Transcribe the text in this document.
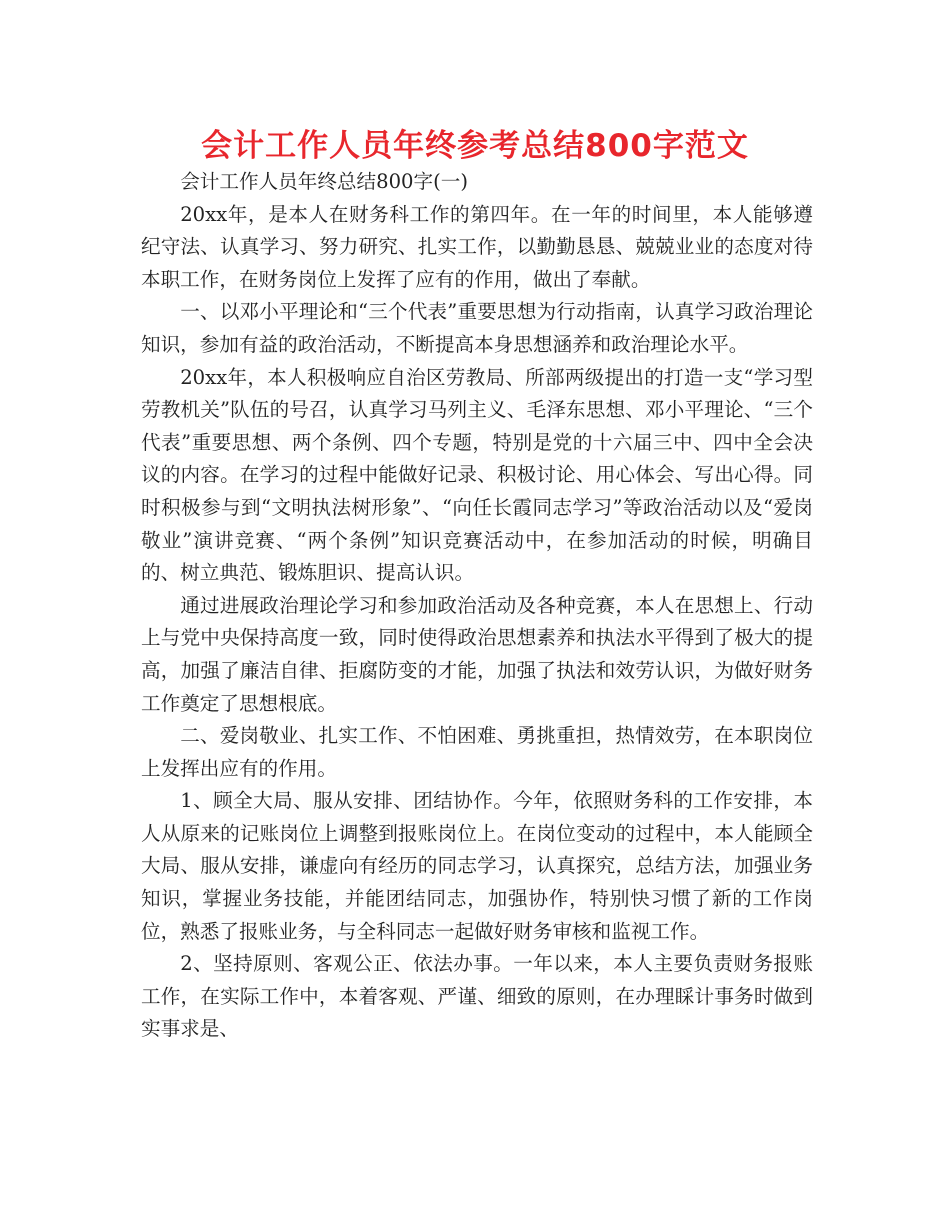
会计工作人员年终参考总结800字范文

会计工作人员年终总结800字(一)

20xx年，是本人在财务科工作的第四年。在一年的时间里，本人能够遵纪守法、认真学习、努力研究、扎实工作，以勤勤恳恳、兢兢业业的态度对待本职工作，在财务岗位上发挥了应有的作用，做出了奉献。

一、以邓小平理论和“三个代表”重要思想为行动指南，认真学习政治理论知识，参加有益的政治活动，不断提高本身思想涵养和政治理论水平。

20xx年，本人积极响应自治区劳教局、所部两级提出的打造一支“学习型劳教机关”队伍的号召，认真学习马列主义、毛泽东思想、邓小平理论、“三个代表”重要思想、两个条例、四个专题，特别是党的十六届三中、四中全会决议的内容。在学习的过程中能做好记录、积极讨论、用心体会、写出心得。同时积极参与到“文明执法树形象”、“向任长霞同志学习”等政治活动以及“爱岗敬业”演讲竞赛、“两个条例”知识竞赛活动中，在参加活动的时候，明确目的、树立典范、锻炼胆识、提高认识。

通过进展政治理论学习和参加政治活动及各种竞赛，本人在思想上、行动上与党中央保持高度一致，同时使得政治思想素养和执法水平得到了极大的提高，加强了廉洁自律、拒腐防变的才能，加强了执法和效劳认识，为做好财务工作奠定了思想根底。

二、爱岗敬业、扎实工作、不怕困难、勇挑重担，热情效劳，在本职岗位上发挥出应有的作用。

1、顾全大局、服从安排、团结协作。今年，依照财务科的工作安排，本人从原来的记账岗位上调整到报账岗位上。在岗位变动的过程中，本人能顾全大局、服从安排，谦虚向有经历的同志学习，认真探究，总结方法，加强业务知识，掌握业务技能，并能团结同志，加强协作，特别快习惯了新的工作岗位，熟悉了报账业务，与全科同志一起做好财务审核和监视工作。

2、坚持原则、客观公正、依法办事。一年以来，本人主要负责财务报账工作，在实际工作中，本着客观、严谨、细致的原则，在办理睬计事务时做到实事求是、
